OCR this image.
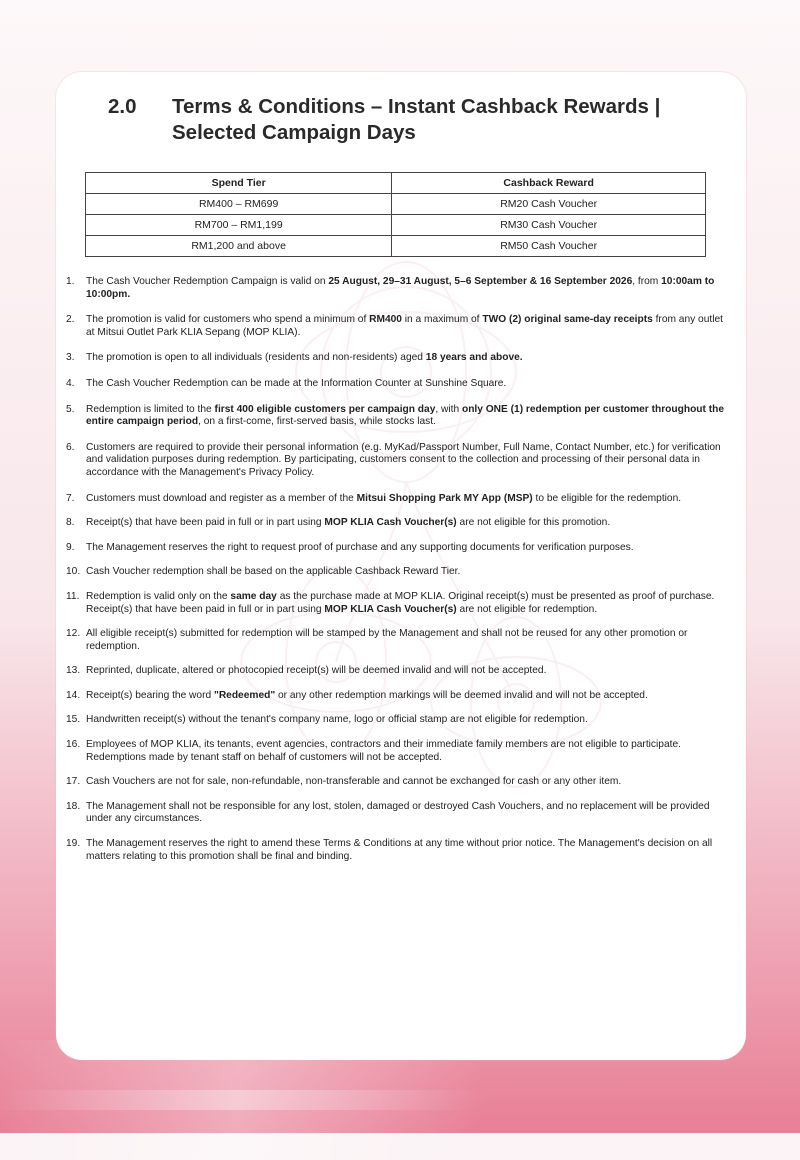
2.0 Terms & Conditions – Instant Cashback Rewards | Selected Campaign Days
Spend Tier	Cashback Reward
RM400 – RM699	RM20 Cash Voucher
RM700 – RM1,199	RM30 Cash Voucher
RM1,200 and above	RM50 Cash Voucher
1. The Cash Voucher Redemption Campaign is valid on 25 August, 29–31 August, 5–6 September & 16 September 2026, from 10:00am to 10:00pm.
2. The promotion is valid for customers who spend a minimum of RM400 in a maximum of TWO (2) original same-day receipts from any outlet at Mitsui Outlet Park KLIA Sepang (MOP KLIA).
3. The promotion is open to all individuals (residents and non-residents) aged 18 years and above.
4. The Cash Voucher Redemption can be made at the Information Counter at Sunshine Square.
5. Redemption is limited to the first 400 eligible customers per campaign day, with only ONE (1) redemption per customer throughout the entire campaign period, on a first-come, first-served basis, while stocks last.
6. Customers are required to provide their personal information (e.g. MyKad/Passport Number, Full Name, Contact Number, etc.) for verification and validation purposes during redemption. By participating, customers consent to the collection and processing of their personal data in accordance with the Management's Privacy Policy.
7. Customers must download and register as a member of the Mitsui Shopping Park MY App (MSP) to be eligible for the redemption.
8. Receipt(s) that have been paid in full or in part using MOP KLIA Cash Voucher(s) are not eligible for this promotion.
9. The Management reserves the right to request proof of purchase and any supporting documents for verification purposes.
10. Cash Voucher redemption shall be based on the applicable Cashback Reward Tier.
11. Redemption is valid only on the same day as the purchase made at MOP KLIA. Original receipt(s) must be presented as proof of purchase. Receipt(s) that have been paid in full or in part using MOP KLIA Cash Voucher(s) are not eligible for redemption.
12. All eligible receipt(s) submitted for redemption will be stamped by the Management and shall not be reused for any other promotion or redemption.
13. Reprinted, duplicate, altered or photocopied receipt(s) will be deemed invalid and will not be accepted.
14. Receipt(s) bearing the word "Redeemed" or any other redemption markings will be deemed invalid and will not be accepted.
15. Handwritten receipt(s) without the tenant's company name, logo or official stamp are not eligible for redemption.
16. Employees of MOP KLIA, its tenants, event agencies, contractors and their immediate family members are not eligible to participate. Redemptions made by tenant staff on behalf of customers will not be accepted.
17. Cash Vouchers are not for sale, non-refundable, non-transferable and cannot be exchanged for cash or any other item.
18. The Management shall not be responsible for any lost, stolen, damaged or destroyed Cash Vouchers, and no replacement will be provided under any circumstances.
19. The Management reserves the right to amend these Terms & Conditions at any time without prior notice. The Management's decision on all matters relating to this promotion shall be final and binding.
